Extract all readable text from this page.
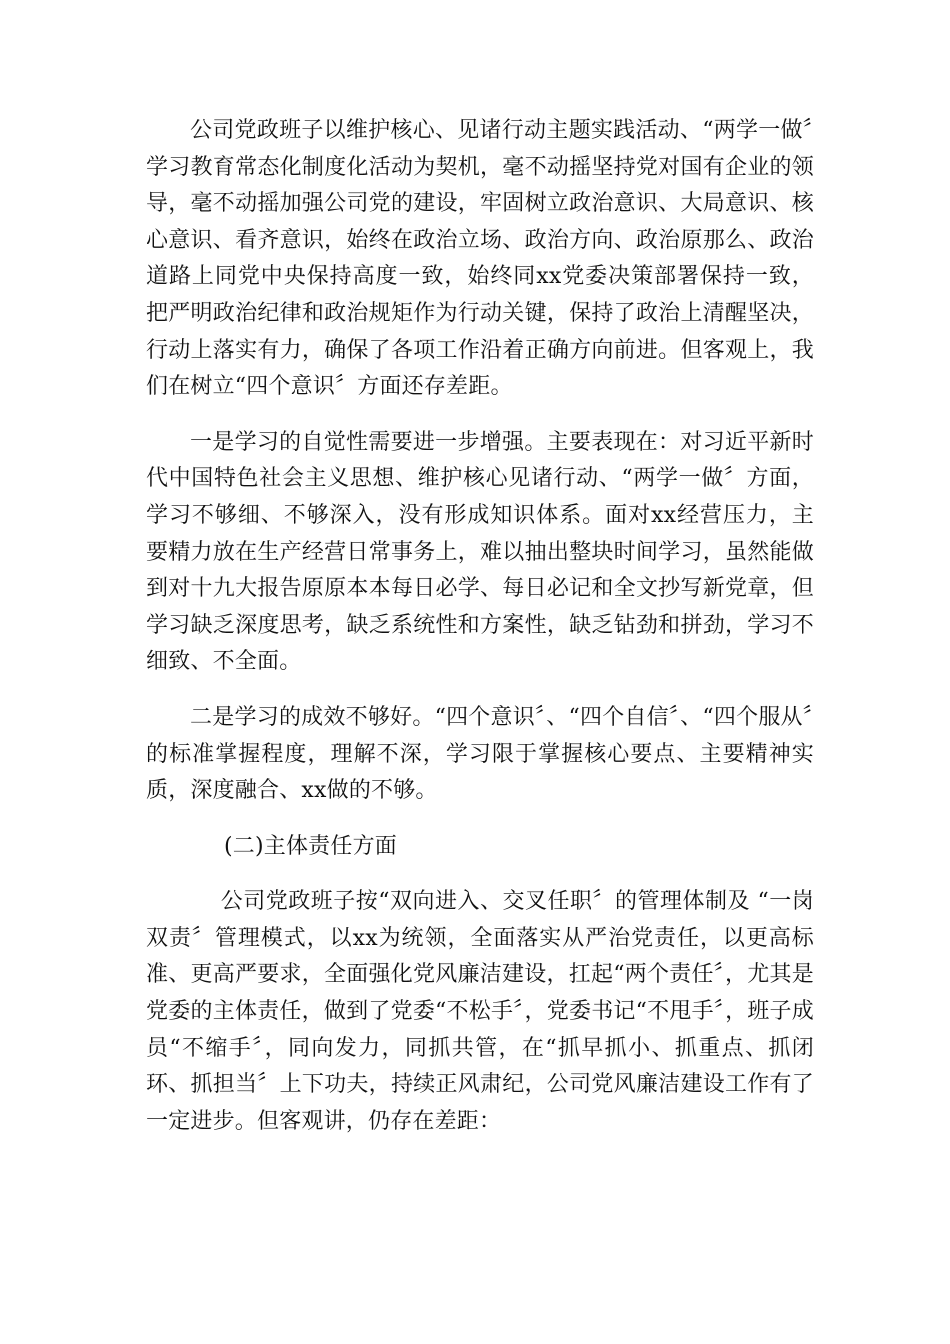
公司党政班子以维护核心、见诸行动主题实践活动、“两学一做〞学习教育常态化制度化活动为契机，毫不动摇坚持党对国有企业的领导，毫不动摇加强公司党的建设，牢固树立政治意识、大局意识、核心意识、看齐意识，始终在政治立场、政治方向、政治原那么、政治道路上同党中央保持高度一致，始终同xx党委决策部署保持一致，把严明政治纪律和政治规矩作为行动关键，保持了政治上清醒坚决，行动上落实有力，确保了各项工作沿着正确方向前进。但客观上，我们在树立“四个意识〞方面还存差距。

一是学习的自觉性需要进一步增强。主要表现在：对习近平新时代中国特色社会主义思想、维护核心见诸行动、“两学一做〞方面，学习不够细、不够深入，没有形成知识体系。面对xx经营压力，主要精力放在生产经营日常事务上，难以抽出整块时间学习，虽然能做到对十九大报告原原本本每日必学、每日必记和全文抄写新党章，但学习缺乏深度思考，缺乏系统性和方案性，缺乏钻劲和拼劲，学习不细致、不全面。

二是学习的成效不够好。“四个意识〞、“四个自信〞、“四个服从〞的标准掌握程度，理解不深，学习限于掌握核心要点、主要精神实质，深度融合、xx做的不够。

(二)主体责任方面

公司党政班子按“双向进入、交叉任职〞的管理体制及 “一岗双责〞管理模式，以xx为统领，全面落实从严治党责任，以更高标准、更高严要求，全面强化党风廉洁建设，扛起“两个责任〞，尤其是党委的主体责任，做到了党委“不松手〞，党委书记“不甩手〞，班子成员“不缩手〞，同向发力，同抓共管，在“抓早抓小、抓重点、抓闭环、抓担当〞上下功夫，持续正风肃纪，公司党风廉洁建设工作有了一定进步。但客观讲，仍存在差距：
